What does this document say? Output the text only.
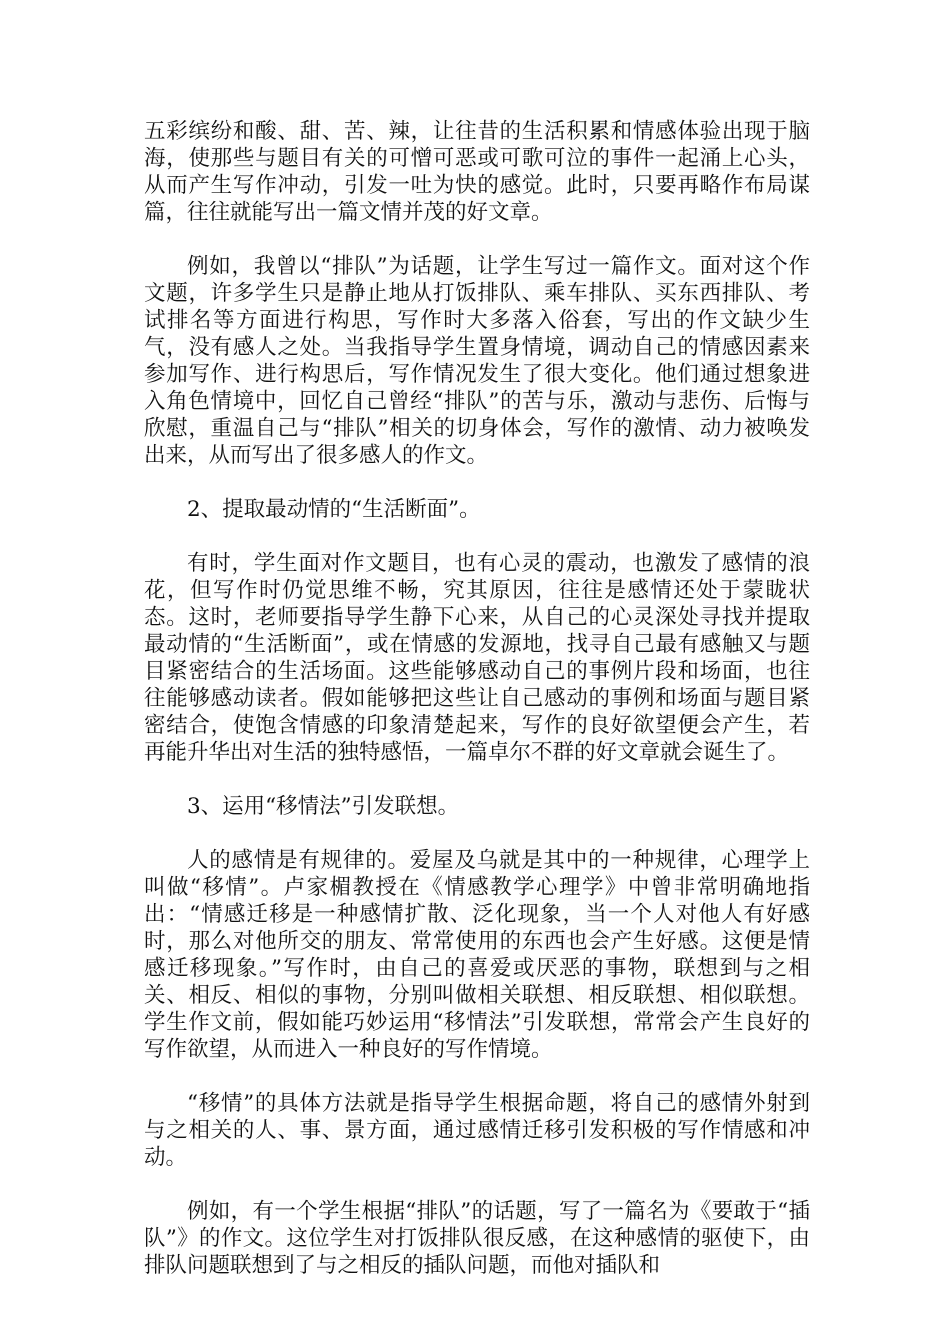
五彩缤纷和酸、甜、苦、辣，让往昔的生活积累和情感体验出现于脑海，使那些与题目有关的可憎可恶或可歌可泣的事件一起涌上心头，从而产生写作冲动，引发一吐为快的感觉。此时，只要再略作布局谋篇，往往就能写出一篇文情并茂的好文章。

例如，我曾以“排队”为话题，让学生写过一篇作文。面对这个作文题，许多学生只是静止地从打饭排队、乘车排队、买东西排队、考试排名等方面进行构思，写作时大多落入俗套，写出的作文缺少生气，没有感人之处。当我指导学生置身情境，调动自己的情感因素来参加写作、进行构思后，写作情况发生了很大变化。他们通过想象进入角色情境中，回忆自己曾经“排队”的苦与乐，激动与悲伤、后悔与欣慰，重温自己与“排队”相关的切身体会，写作的激情、动力被唤发出来，从而写出了很多感人的作文。

2、提取最动情的“生活断面”。

有时，学生面对作文题目，也有心灵的震动，也激发了感情的浪花，但写作时仍觉思维不畅，究其原因，往往是感情还处于蒙眬状态。这时，老师要指导学生静下心来，从自己的心灵深处寻找并提取最动情的“生活断面”，或在情感的发源地，找寻自己最有感触又与题目紧密结合的生活场面。这些能够感动自己的事例片段和场面，也往往能够感动读者。假如能够把这些让自己感动的事例和场面与题目紧密结合，使饱含情感的印象清楚起来，写作的良好欲望便会产生，若再能升华出对生活的独特感悟，一篇卓尔不群的好文章就会诞生了。

3、运用“移情法”引发联想。

人的感情是有规律的。爱屋及乌就是其中的一种规律，心理学上叫做“移情”。卢家楣教授在《情感教学心理学》中曾非常明确地指出：“情感迁移是一种感情扩散、泛化现象，当一个人对他人有好感时，那么对他所交的朋友、常常使用的东西也会产生好感。这便是情感迁移现象。”写作时，由自己的喜爱或厌恶的事物，联想到与之相关、相反、相似的事物，分别叫做相关联想、相反联想、相似联想。学生作文前，假如能巧妙运用“移情法”引发联想，常常会产生良好的写作欲望，从而进入一种良好的写作情境。

“移情”的具体方法就是指导学生根据命题，将自己的感情外射到与之相关的人、事、景方面，通过感情迁移引发积极的写作情感和冲动。

例如，有一个学生根据“排队”的话题，写了一篇名为《要敢于“插队”》的作文。这位学生对打饭排队很反感，在这种感情的驱使下，由排队问题联想到了与之相反的插队问题，而他对插队和
